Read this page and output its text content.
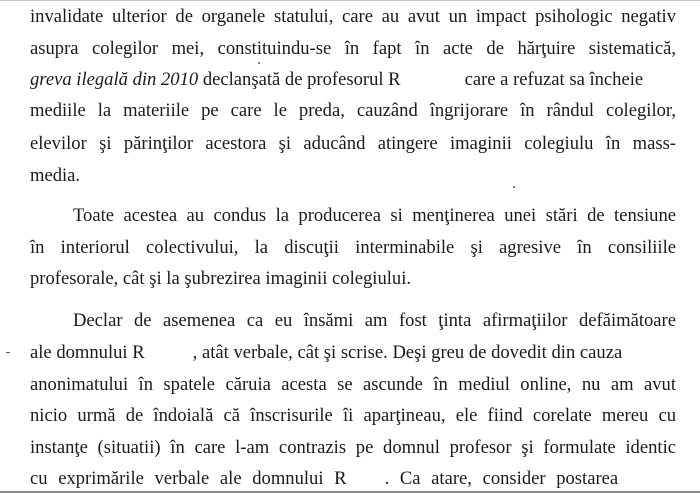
invalidate ulterior de organele statului, care au avut un impact psihologic negativ
asupra colegilor mei, constituindu-se în fapt în acte de hărţuire sistematică,
greva ilegală din 2010 declanşată de profesorul R	care a refuzat sa încheie
mediile la materiile pe care le preda, cauzând îngrijorare în rândul colegilor,
elevilor şi părinţilor acestora şi aducând atingere imaginii colegiulu în mass-
media.
Toate acestea au condus la producerea si menţinerea unei stări de tensiune
în interiorul colectivului, la discuţii interminabile şi agresive în consiliile
profesorale, cât şi la şubrezirea imaginii colegiului.
Declar de asemenea ca eu însămi am fost ţinta afirmaţiilor defăimătoare
ale domnului R	, atât verbale, cât şi scrise. Deşi greu de dovedit din cauza
anonimatului în spatele căruia acesta se ascunde în mediul online, nu am avut
nicio urmă de îndoială că înscrisurile îi aparţineau, ele fiind corelate mereu cu
instanţe (situatii) în care l-am contrazis pe domnul profesor şi formulate identic
cu exprimările verbale ale domnului R . Ca atare, consider postarea
